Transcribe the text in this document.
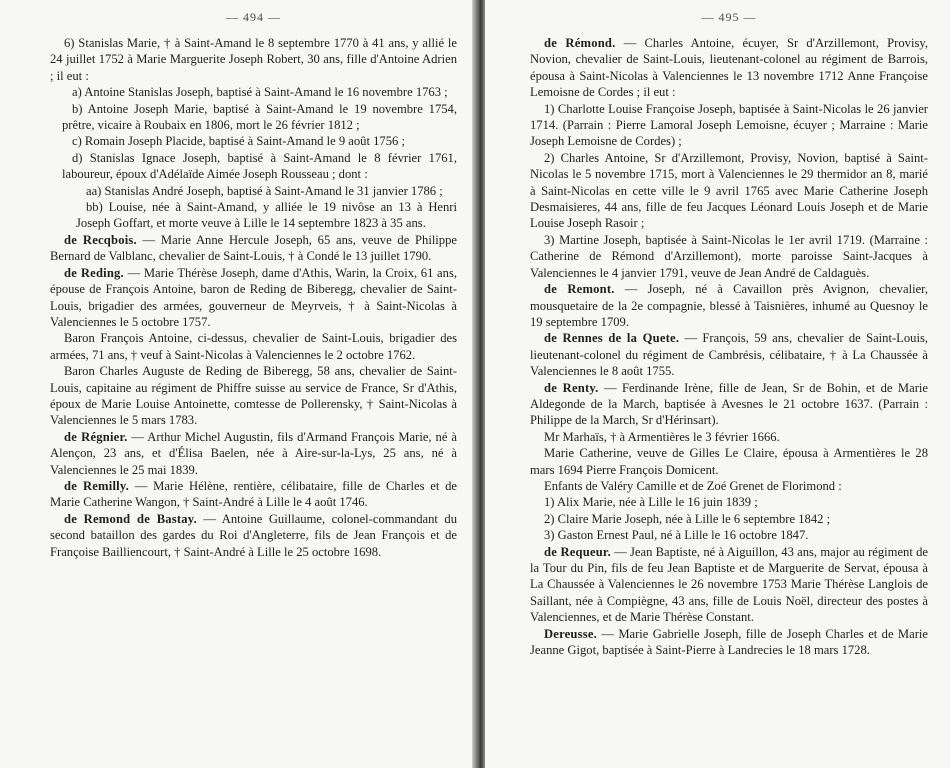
— 494 —

6) Stanislas Marie, † à Saint-Amand le 8 septembre 1770 à 41 ans, y allié le 24 juillet 1752 à Marie Marguerite Joseph Robert, 30 ans, fille d'Antoine Adrien ; il eut :

a) Antoine Stanislas Joseph, baptisé à Saint-Amand le 16 novembre 1763 ;

b) Antoine Joseph Marie, baptisé à Saint-Amand le 19 novembre 1754, prêtre, vicaire à Roubaix en 1806, mort le 26 février 1812 ;

c) Romain Joseph Placide, baptisé à Saint-Amand le 9 août 1756 ;

d) Stanislas Ignace Joseph, baptisé à Saint-Amand le 8 février 1761, laboureur, époux d'Adélaïde Aimée Joseph Rousseau ; dont :

aa) Stanislas André Joseph, baptisé à Saint-Amand le 31 janvier 1786 ;

bb) Louise, née à Saint-Amand, y alliée le 19 nivôse an 13 à Henri Joseph Goffart, et morte veuve à Lille le 14 septembre 1823 à 35 ans.

de Recqbois. — Marie Anne Hercule Joseph, 65 ans, veuve de Philippe Bernard de Valblanc, chevalier de Saint-Louis, † à Condé le 13 juillet 1790.

de Reding. — Marie Thérèse Joseph, dame d'Athis, Warin, la Croix, 61 ans, épouse de François Antoine, baron de Reding de Biberegg, chevalier de Saint-Louis, brigadier des armées, gouverneur de Meyrveis, † à Saint-Nicolas à Valenciennes le 5 octobre 1757.

Baron François Antoine, ci-dessus, chevalier de Saint-Louis, brigadier des armées, 71 ans, † veuf à Saint-Nicolas à Valenciennes le 2 octobre 1762.

Baron Charles Auguste de Reding de Biberegg, 58 ans, chevalier de Saint-Louis, capitaine au régiment de Phiffre suisse au service de France, Sr d'Athis, époux de Marie Louise Antoinette, comtesse de Pollerensky, † Saint-Nicolas à Valenciennes le 5 mars 1783.

de Régnier. — Arthur Michel Augustin, fils d'Armand François Marie, né à Alençon, 23 ans, et d'Élisa Baelen, née à Aire-sur-la-Lys, 25 ans, né à Valenciennes le 25 mai 1839.

de Remilly. — Marie Hélène, rentière, célibataire, fille de Charles et de Marie Catherine Wangon, † Saint-André à Lille le 4 août 1746.

de Remond de Bastay. — Antoine Guillaume, colonel-commandant du second bataillon des gardes du Roi d'Angleterre, fils de Jean François et de Françoise Bailliencourt, † Saint-André à Lille le 25 octobre 1698.

— 495 —

de Rémond. — Charles Antoine, écuyer, Sr d'Arzillemont, Provisy, Novion, chevalier de Saint-Louis, lieutenant-colonel au régiment de Barrois, épousa à Saint-Nicolas à Valenciennes le 13 novembre 1712 Anne Françoise Lemoisne de Cordes ; il eut :

1) Charlotte Louise Françoise Joseph, baptisée à Saint-Nicolas le 26 janvier 1714. (Parrain : Pierre Lamoral Joseph Lemoisne, écuyer ; Marraine : Marie Joseph Lemoisne de Cordes) ;

2) Charles Antoine, Sr d'Arzillemont, Provisy, Novion, baptisé à Saint-Nicolas le 5 novembre 1715, mort à Valenciennes le 29 thermidor an 8, marié à Saint-Nicolas en cette ville le 9 avril 1765 avec Marie Catherine Joseph Desmaisieres, 44 ans, fille de feu Jacques Léonard Louis Joseph et de Marie Louise Joseph Rasoir ;

3) Martine Joseph, baptisée à Saint-Nicolas le 1er avril 1719. (Marraine : Catherine de Rémond d'Arzillemont), morte paroisse Saint-Jacques à Valenciennes le 4 janvier 1791, veuve de Jean André de Caldaguès.

de Remont. — Joseph, né à Cavaillon près Avignon, chevalier, mousquetaire de la 2e compagnie, blessé à Taisnières, inhumé au Quesnoy le 19 septembre 1709.

de Rennes de la Quete. — François, 59 ans, chevalier de Saint-Louis, lieutenant-colonel du régiment de Cambrésis, célibataire, † à La Chaussée à Valenciennes le 8 août 1755.

de Renty. — Ferdinande Irène, fille de Jean, Sr de Bohin, et de Marie Aldegonde de la March, baptisée à Avesnes le 21 octobre 1637. (Parrain : Philippe de la March, Sr d'Hérinsart).

Mr Marhaïs, † à Armentières le 3 février 1666.

Marie Catherine, veuve de Gilles Le Claire, épousa à Armentières le 28 mars 1694 Pierre François Domicent.

Enfants de Valéry Camille et de Zoé Grenet de Florimond :

1) Alix Marie, née à Lille le 16 juin 1839 ;

2) Claire Marie Joseph, née à Lille le 6 septembre 1842 ;

3) Gaston Ernest Paul, né à Lille le 16 octobre 1847.

de Requeur. — Jean Baptiste, né à Aiguillon, 43 ans, major au régiment de la Tour du Pin, fils de feu Jean Baptiste et de Marguerite de Servat, épousa à La Chaussée à Valenciennes le 26 novembre 1753 Marie Thérèse Langlois de Saillant, née à Compiègne, 43 ans, fille de Louis Noël, directeur des postes à Valenciennes, et de Marie Thérèse Constant.

Dereusse. — Marie Gabrielle Joseph, fille de Joseph Charles et de Marie Jeanne Gigot, baptisée à Saint-Pierre à Landrecies le 18 mars 1728.
